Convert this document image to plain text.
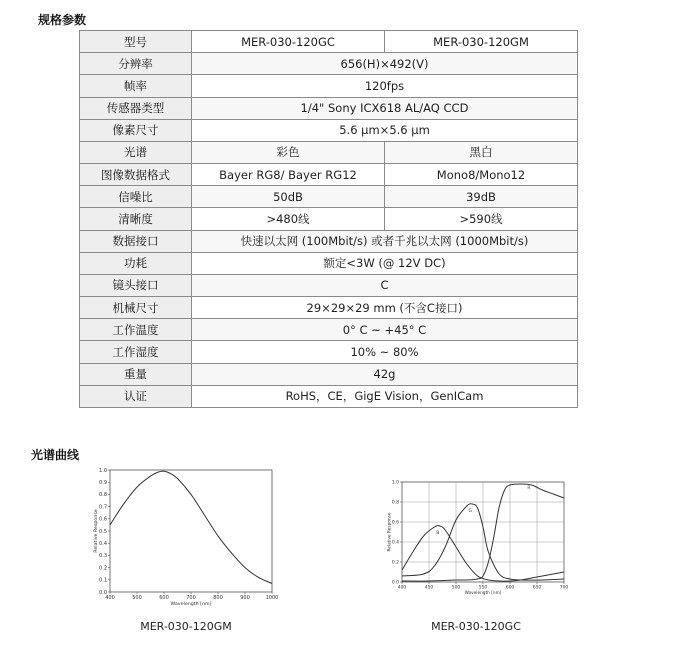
规格参数
型号	MER-030-120GC	MER-030-120GM
分辨率	656(H)×492(V)	
帧率	120fps	
传感器类型	1/4" Sony ICX618 AL/AQ CCD	
像素尺寸	5.6 μm×5.6 μm	
光谱	彩色	黑白
图像数据格式	Bayer RG8/ Bayer RG12	Mono8/Mono12
信噪比	50dB	39dB
清晰度	>480线	>590线
数据接口	快速以太网 (100Mbit/s) 或者千兆以太网 (1000Mbit/s)	
功耗	额定<3W (@ 12V DC)	
镜头接口	C	
机械尺寸	29×29×29 mm (不含C接口)	
工作温度	0° C ~ +45° C	
工作湿度	10% ~ 80%	
重量	42g	
认证	RoHS，CE，GigE Vision，GenICam	
光谱曲线
400	500	600	700	800	900	1000
0.0
0.1
0.2
0.3
0.4
0.5
0.6
0.7
0.8
0.9
1.0
Wavelength [nm]
Relative Response
400	450	500	550	600	650	700
0.0
0.2
0.4
0.6
0.8
1.0
Wavelength [nm]
Relative Response	B
G
R
MER-030-120GM	MER-030-120GC
